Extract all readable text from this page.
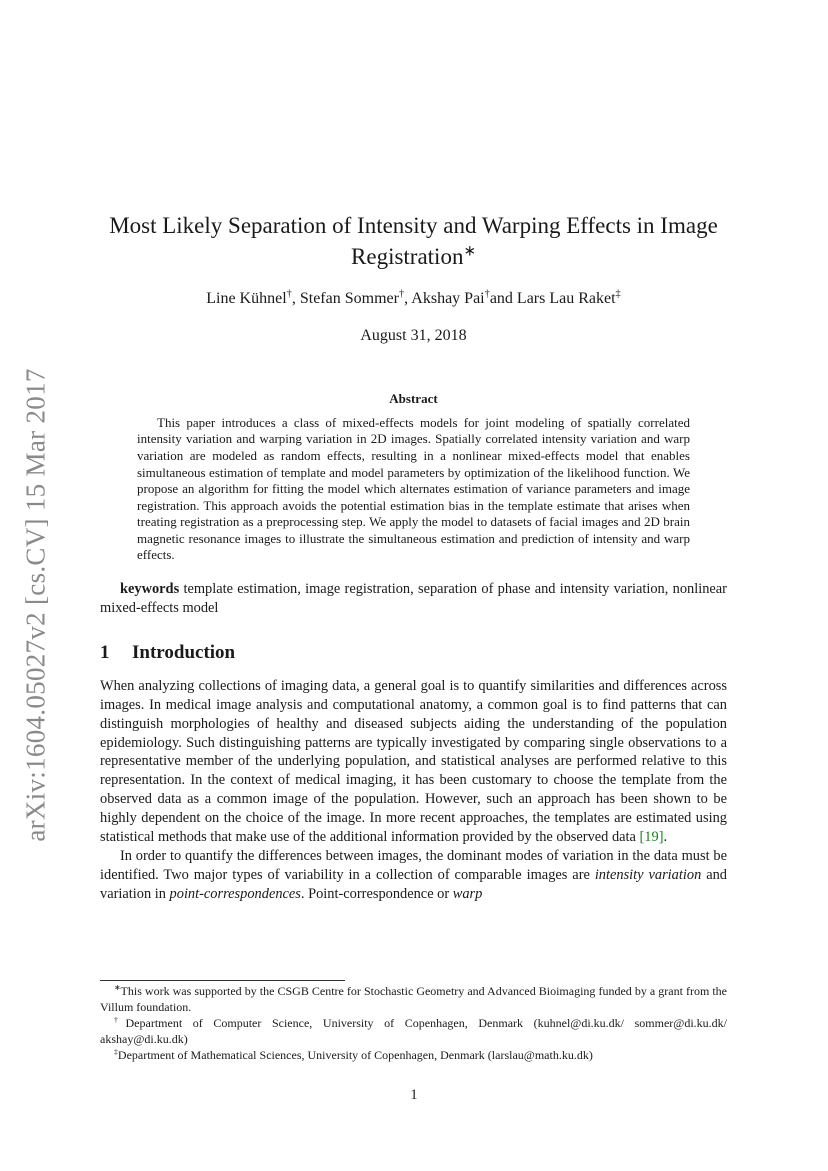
arXiv:1604.05027v2 [cs.CV] 15 Mar 2017
Most Likely Separation of Intensity and Warping Effects in Image Registration∗
Line Kühnel†, Stefan Sommer†, Akshay Pai†and Lars Lau Raket‡
August 31, 2018
Abstract

This paper introduces a class of mixed-effects models for joint modeling of spatially correlated intensity variation and warping variation in 2D images. Spatially correlated intensity variation and warp variation are modeled as random effects, resulting in a nonlinear mixed-effects model that enables simultaneous estimation of template and model parameters by optimization of the likelihood function. We propose an algorithm for fitting the model which alternates estimation of variance parameters and image registration. This approach avoids the potential estimation bias in the template estimate that arises when treating registration as a preprocessing step. We apply the model to datasets of facial images and 2D brain magnetic resonance images to illustrate the simultaneous estimation and prediction of intensity and warp effects.

keywords template estimation, image registration, separation of phase and intensity variation, nonlinear mixed-effects model

1 Introduction

When analyzing collections of imaging data, a general goal is to quantify similarities and differences across images. In medical image analysis and computational anatomy, a common goal is to find patterns that can distinguish morphologies of healthy and diseased subjects aiding the understanding of the population epidemiology. Such distinguishing patterns are typically investigated by comparing single observations to a representative member of the underlying population, and statistical analyses are performed relative to this representation. In the context of medical imaging, it has been customary to choose the template from the observed data as a common image of the population. However, such an approach has been shown to be highly dependent on the choice of the image. In more recent approaches, the templates are estimated using statistical methods that make use of the additional information provided by the observed data [19].

In order to quantify the differences between images, the dominant modes of variation in the data must be identified. Two major types of variability in a collection of comparable images are intensity variation and variation in point-correspondences. Point-correspondence or warp

∗This work was supported by the CSGB Centre for Stochastic Geometry and Advanced Bioimaging funded by a grant from the Villum foundation.

†Department of Computer Science, University of Copenhagen, Denmark (kuhnel@di.ku.dk/ sommer@di.ku.dk/ akshay@di.ku.dk)

‡Department of Mathematical Sciences, University of Copenhagen, Denmark (larslau@math.ku.dk)

1
